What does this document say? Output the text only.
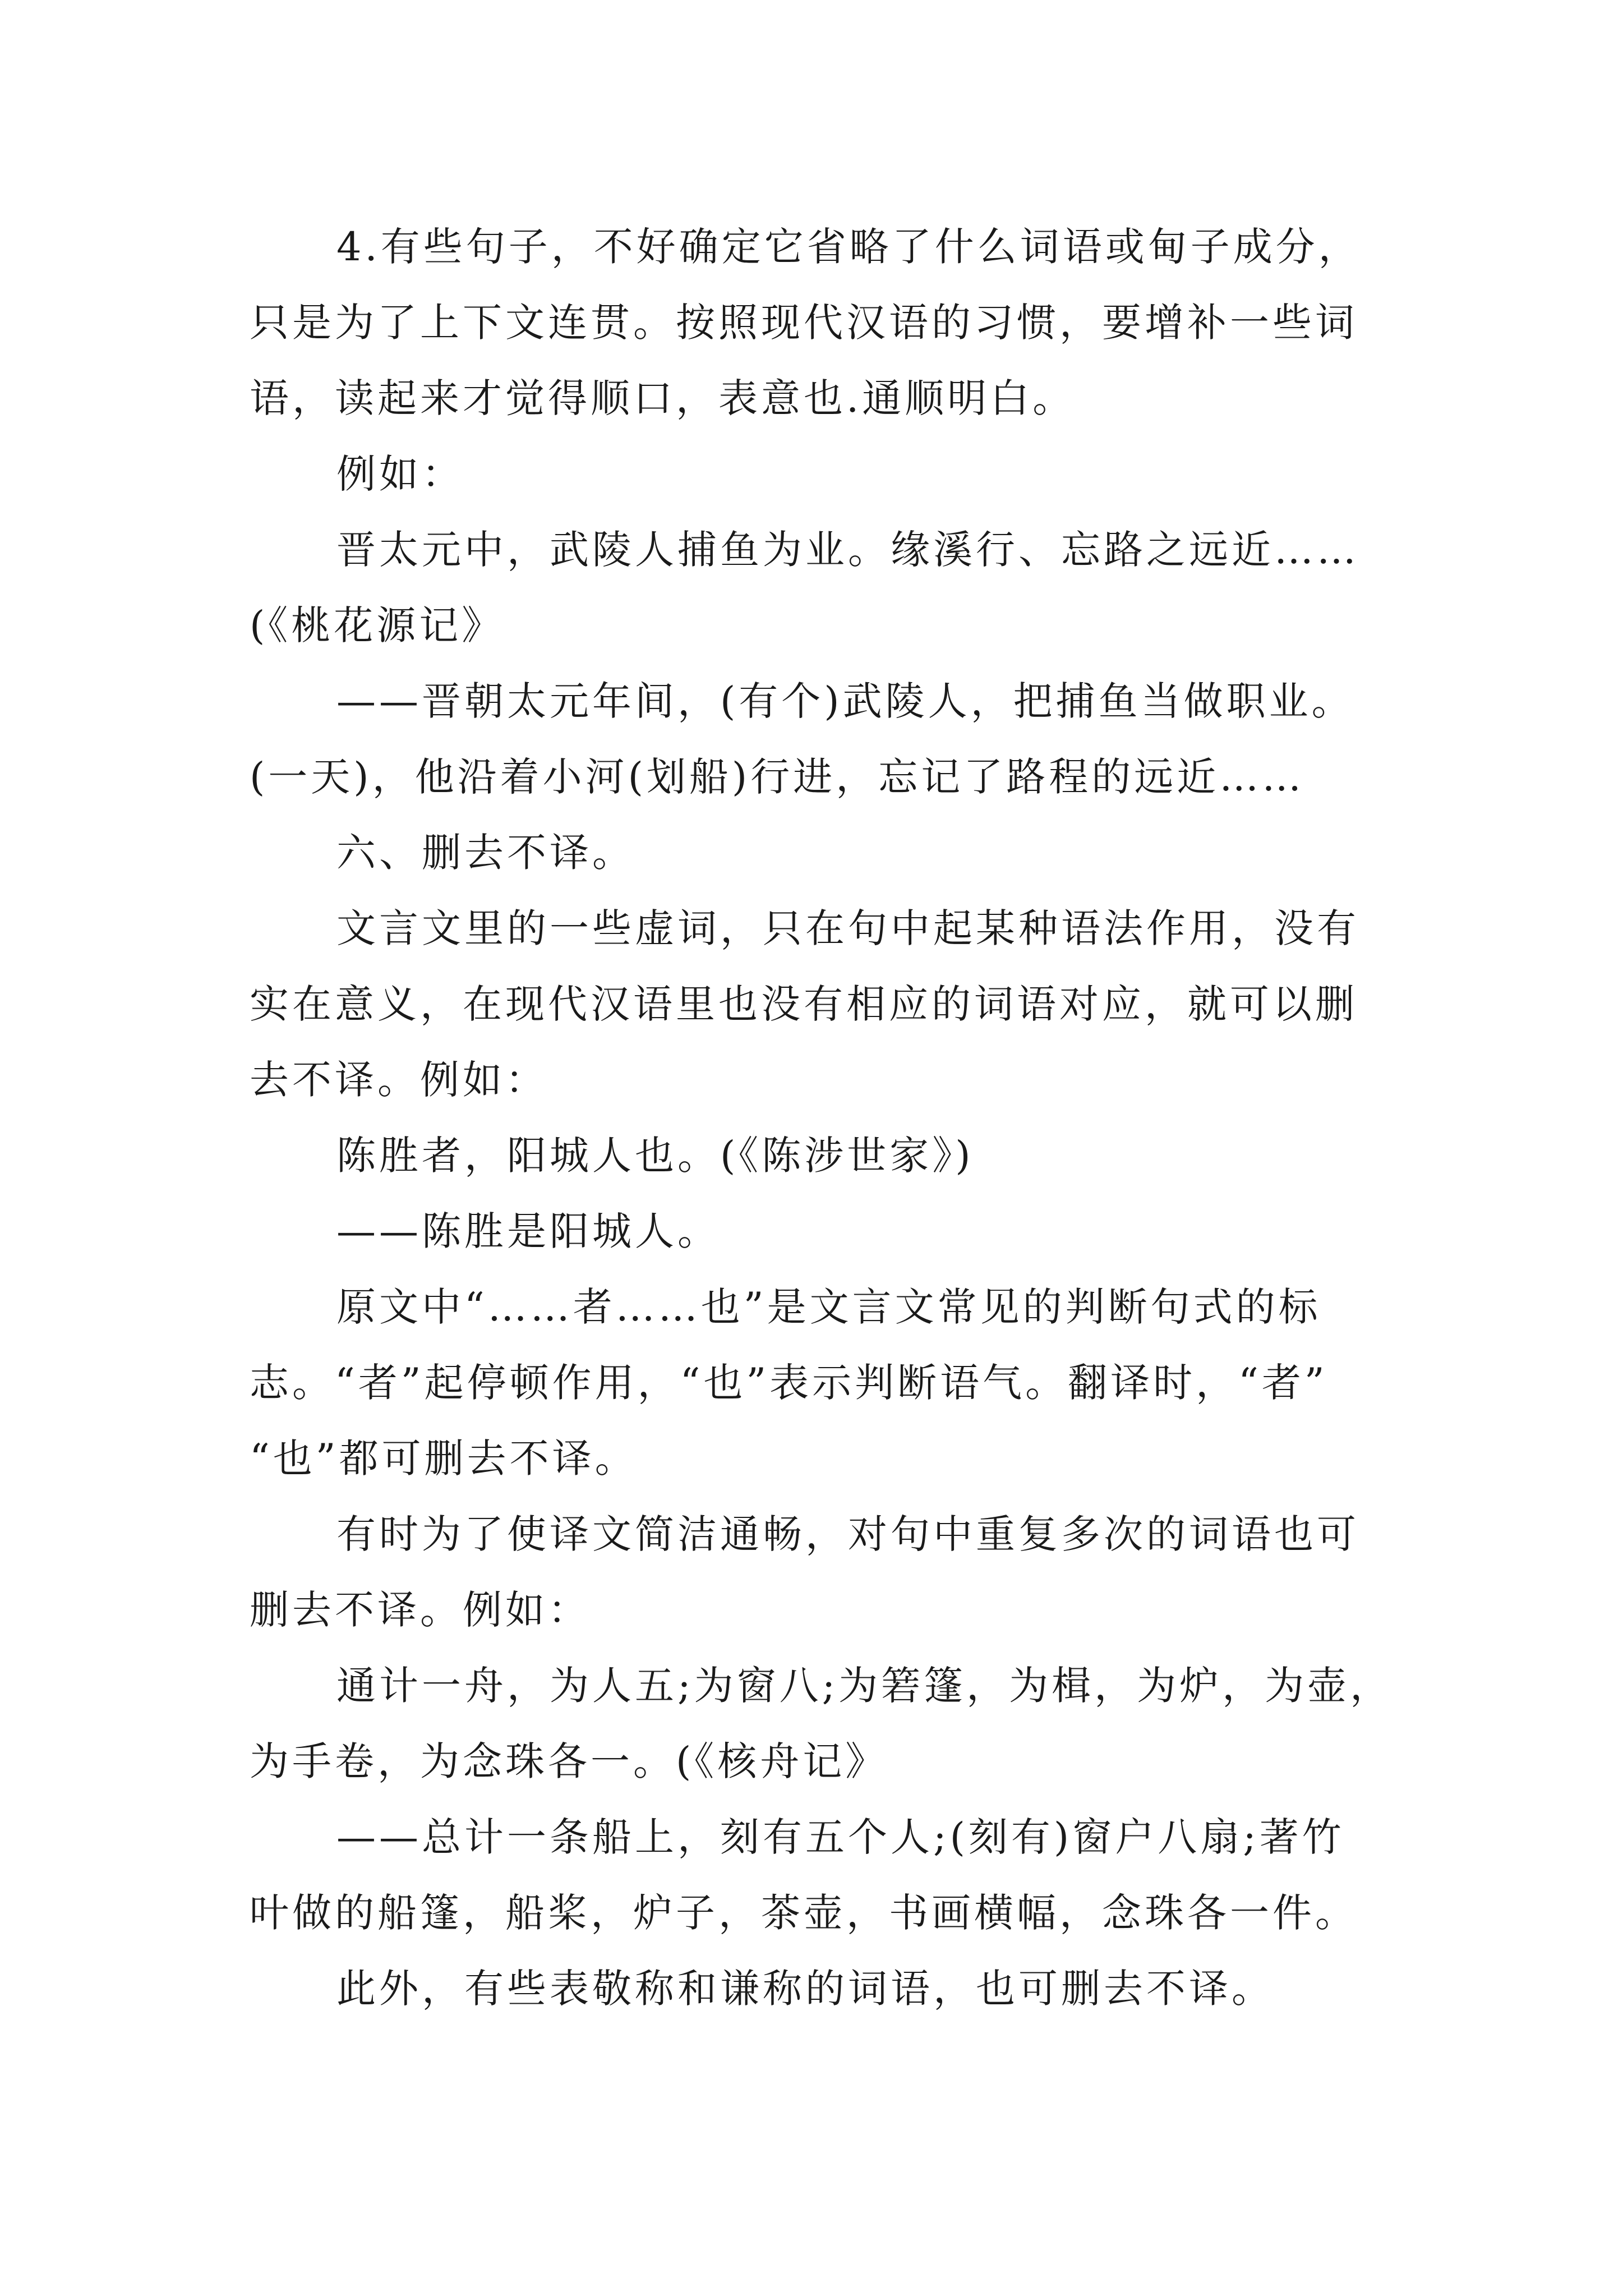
4.有些句子，不好确定它省略了什么词语或甸子成分，

只是为了上下文连贯。按照现代汉语的习惯，要增补一些词

语，读起来才觉得顺口，表意也.通顺明白。

例如：

晋太元中，武陵人捕鱼为业。缘溪行、忘路之远近……

(《桃花源记》

——晋朝太元年间，(有个)武陵人，把捕鱼当做职业。

(一天)，他沿着小河(划船)行进，忘记了路程的远近……

六、删去不译。

文言文里的一些虚词，只在句中起某种语法作用，没有

实在意义，在现代汉语里也没有相应的词语对应，就可以删

去不译。例如：

陈胜者，阳城人也。(《陈涉世家》)

——陈胜是阳城人。

原文中“……者……也”是文言文常见的判断句式的标

志。“者”起停顿作用，“也”表示判断语气。翻译时，“者”

“也”都可删去不译。

有时为了使译文简洁通畅，对句中重复多次的词语也可

删去不译。例如：

通计一舟，为人五;为窗八;为箬篷，为楫，为炉，为壶，

为手卷，为念珠各一。(《核舟记》

——总计一条船上，刻有五个人;(刻有)窗户八扇;著竹

叶做的船篷，船桨，炉子，茶壶，书画横幅，念珠各一件。

此外，有些表敬称和谦称的词语，也可删去不译。
